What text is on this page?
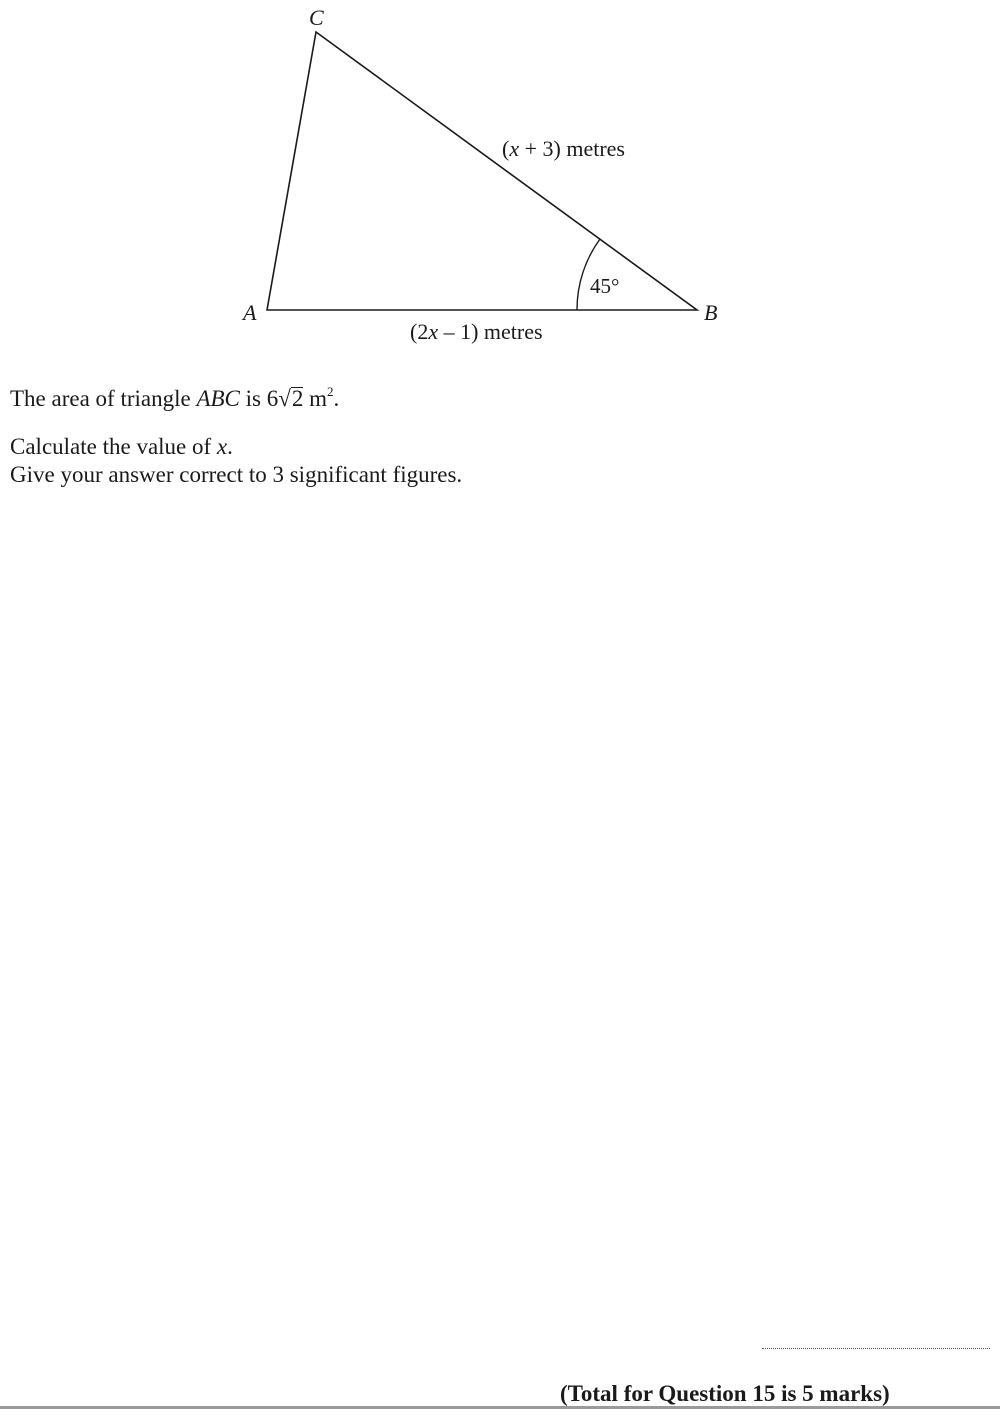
C
A	B
(x + 3) metres
(2x – 1) metres
45°

The area of triangle ABC is 6√2 $m^2$.

Calculate the value of x.

Give your answer correct to 3 significant figures.

(Total for Question 15 is 5 marks)
